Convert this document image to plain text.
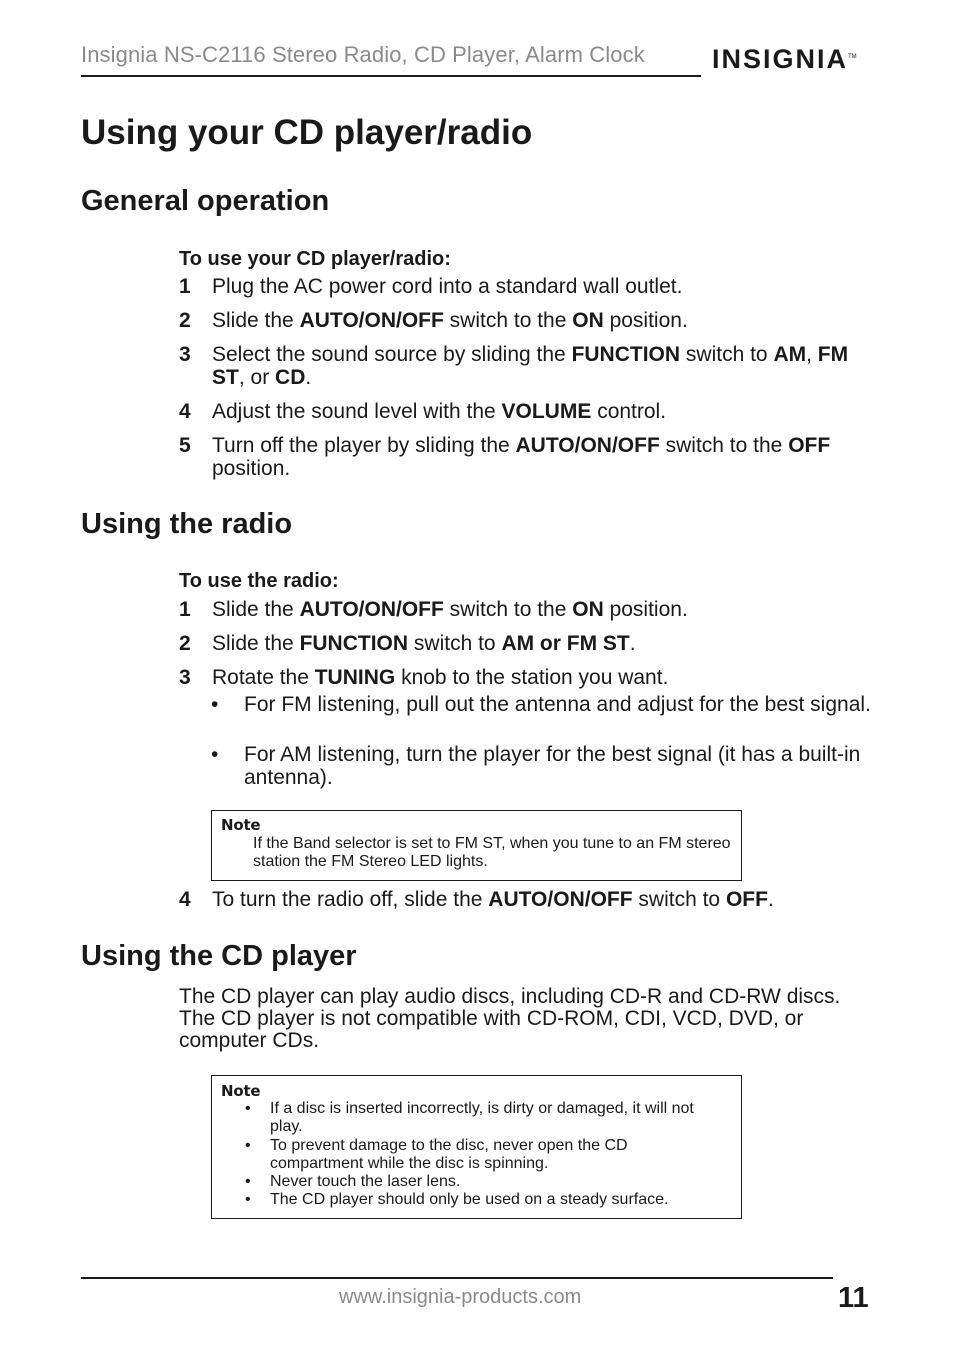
Insignia NS-C2116 Stereo Radio, CD Player, Alarm Clock INSIGNIA™
Using your CD player/radio
General operation
To use your CD player/radio:
1 Plug the AC power cord into a standard wall outlet.
2 Slide the AUTO/ON/OFF switch to the ON position.
3 Select the sound source by sliding the FUNCTION switch to AM, FM ST, or CD.
4 Adjust the sound level with the VOLUME control.
5 Turn off the player by sliding the AUTO/ON/OFF switch to the OFF position.
Using the radio
To use the radio:
1 Slide the AUTO/ON/OFF switch to the ON position.
2 Slide the FUNCTION switch to AM or FM ST.
3 Rotate the TUNING knob to the station you want.
• For FM listening, pull out the antenna and adjust for the best signal.
• For AM listening, turn the player for the best signal (it has a built-in antenna).
Note
If the Band selector is set to FM ST, when you tune to an FM stereo station the FM Stereo LED lights.
4 To turn the radio off, slide the AUTO/ON/OFF switch to OFF.
Using the CD player
The CD player can play audio discs, including CD-R and CD-RW discs. The CD player is not compatible with CD-ROM, CDI, VCD, DVD, or computer CDs.
Note
• If a disc is inserted incorrectly, is dirty or damaged, it will not play.
• To prevent damage to the disc, never open the CD compartment while the disc is spinning.
• Never touch the laser lens.
• The CD player should only be used on a steady surface.
www.insignia-products.com	11
